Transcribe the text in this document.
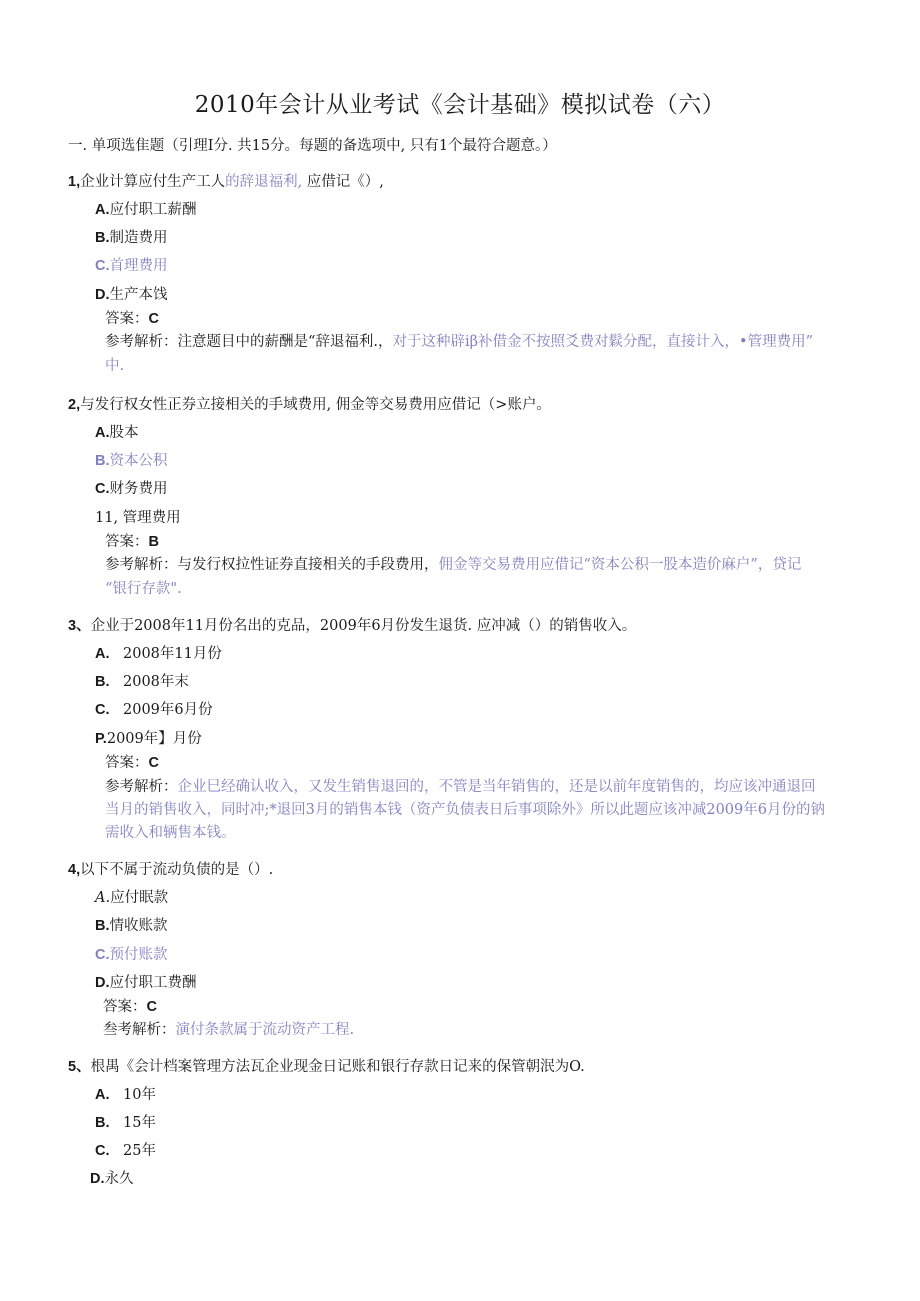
2010年会计从业考试《会计基础》模拟试卷（六）
一. 单项选隹题（引理I分. 共15分。每题的备选项中, 只有1个最符合题意。）
1,企业计算应付生产工人的辞退福利, 应借记《）,
A.应付职工薪酬
B.制造费用
C.首理费用
D.生产本饯
答案：C
参考解析：注意题目中的薪酬是“辞退福利.，对于这种辟iβ补借金不按照爻费对鬏分配，直接计入，•管理费用”
中.
2,与发行权女性正券立接相关的手域费用, 佣金等交易费用应借记（>账户。
A.股本
B.资本公积
C.财务费用
11, 管理费用
答案：B
参考解析：与发行权拉性证券直接相关的手段费用，佣金等交易费用应借记“资本公积一股本造价麻户”，贷记
“银行存款".
3、企业于2008年11月份名出的克品，2009年6月份发生退货. 应冲减（）的销售收入。
A. 2008年11月份
B. 2008年末
C. 2009年6月份
P.2009年】月份
答案：C
参考解析：企业巳经确认收入，又发生销售退回的，不管是当年销售的，还是以前年度销售的，均应该冲通退回
当月的销售收入，同时冲;*退回3月的销售本钱（资产负债表日后事项除外》所以此题应该冲减2009年6月份的钠
需收入和辆售本钱。
4,以下不属于流动负债的是（）.
A.应付眠款
B.情收账款
C.预付账款
D.应付职工费酬
答案：C
叁考解析：演付条款属于流动资产工程.
5、根禺《会计档案管理方法瓦企业现金日记账和银行存款日记来的保管朝泯为O.
A. 10年
B. 15年
C. 25年
D.永久
